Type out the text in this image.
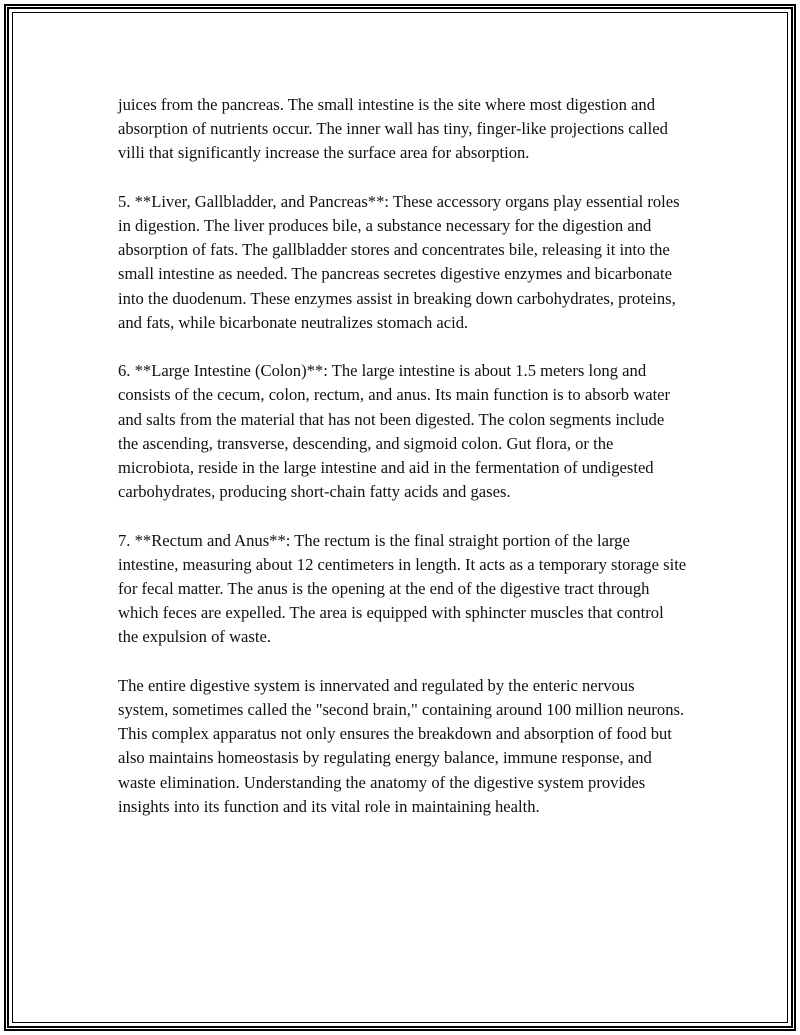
juices from the pancreas. The small intestine is the site where most digestion and absorption of nutrients occur. The inner wall has tiny, finger-like projections called villi that significantly increase the surface area for absorption.

5. **Liver, Gallbladder, and Pancreas**: These accessory organs play essential roles in digestion. The liver produces bile, a substance necessary for the digestion and absorption of fats. The gallbladder stores and concentrates bile, releasing it into the small intestine as needed. The pancreas secretes digestive enzymes and bicarbonate into the duodenum. These enzymes assist in breaking down carbohydrates, proteins, and fats, while bicarbonate neutralizes stomach acid.

6. **Large Intestine (Colon)**: The large intestine is about 1.5 meters long and consists of the cecum, colon, rectum, and anus. Its main function is to absorb water and salts from the material that has not been digested. The colon segments include the ascending, transverse, descending, and sigmoid colon. Gut flora, or the microbiota, reside in the large intestine and aid in the fermentation of undigested carbohydrates, producing short-chain fatty acids and gases.

7. **Rectum and Anus**: The rectum is the final straight portion of the large intestine, measuring about 12 centimeters in length. It acts as a temporary storage site for fecal matter. The anus is the opening at the end of the digestive tract through which feces are expelled. The area is equipped with sphincter muscles that control the expulsion of waste.

The entire digestive system is innervated and regulated by the enteric nervous system, sometimes called the "second brain," containing around 100 million neurons. This complex apparatus not only ensures the breakdown and absorption of food but also maintains homeostasis by regulating energy balance, immune response, and waste elimination. Understanding the anatomy of the digestive system provides insights into its function and its vital role in maintaining health.
